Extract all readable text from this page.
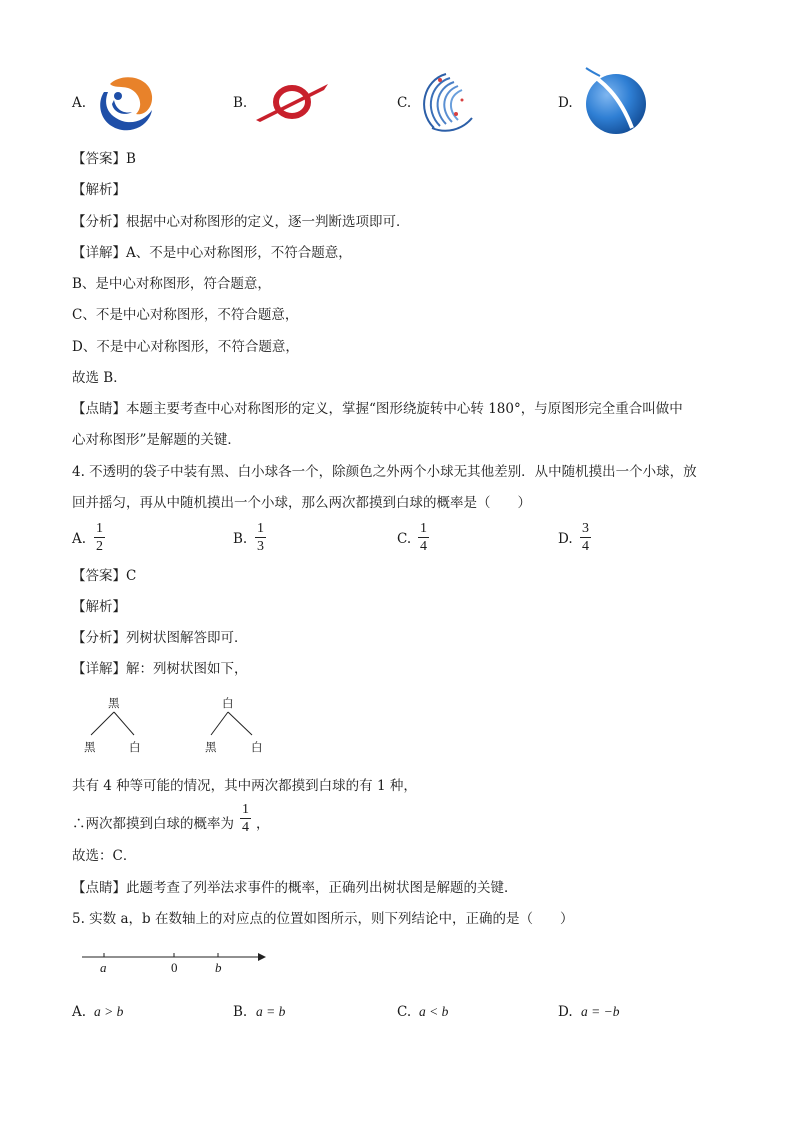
A.	B.	C.	D.
【答案】B
【解析】
【分析】根据中心对称图形的定义，逐一判断选项即可．
【详解】A、不是中心对称图形，不符合题意，
B、是中心对称图形，符合题意，
C、不是中心对称图形，不符合题意，
D、不是中心对称图形，不符合题意，
故选 B．
【点睛】本题主要考查中心对称图形的定义，掌握“图形绕旋转中心转 180°，与原图形完全重合叫做中
心对称图形”是解题的关键．
4. 不透明的袋子中装有黑、白小球各一个，除颜色之外两个小球无其他差别．从中随机摸出一个小球，放
回并摇匀，再从中随机摸出一个小球，那么两次都摸到白球的概率是（　　）
A.
1
2	B.
1
3	C.
1
4	D.
3
4
【答案】C
【解析】
【分析】列树状图解答即可．
【详解】解：列树状图如下，
黑
黑	白
白
黑	白
共有 4 种等可能的情况，其中两次都摸到白球的有 1 种，
∴两次都摸到白球的概率为
1
4 ，
故选：C．
【点睛】此题考查了列举法求事件的概率，正确列出树状图是解题的关键．
5. 实数 a，b 在数轴上的对应点的位置如图所示，则下列结论中，正确的是（　　）
a	0	b
A. a > b	B. a = b	C. a < b	D. a = −b
